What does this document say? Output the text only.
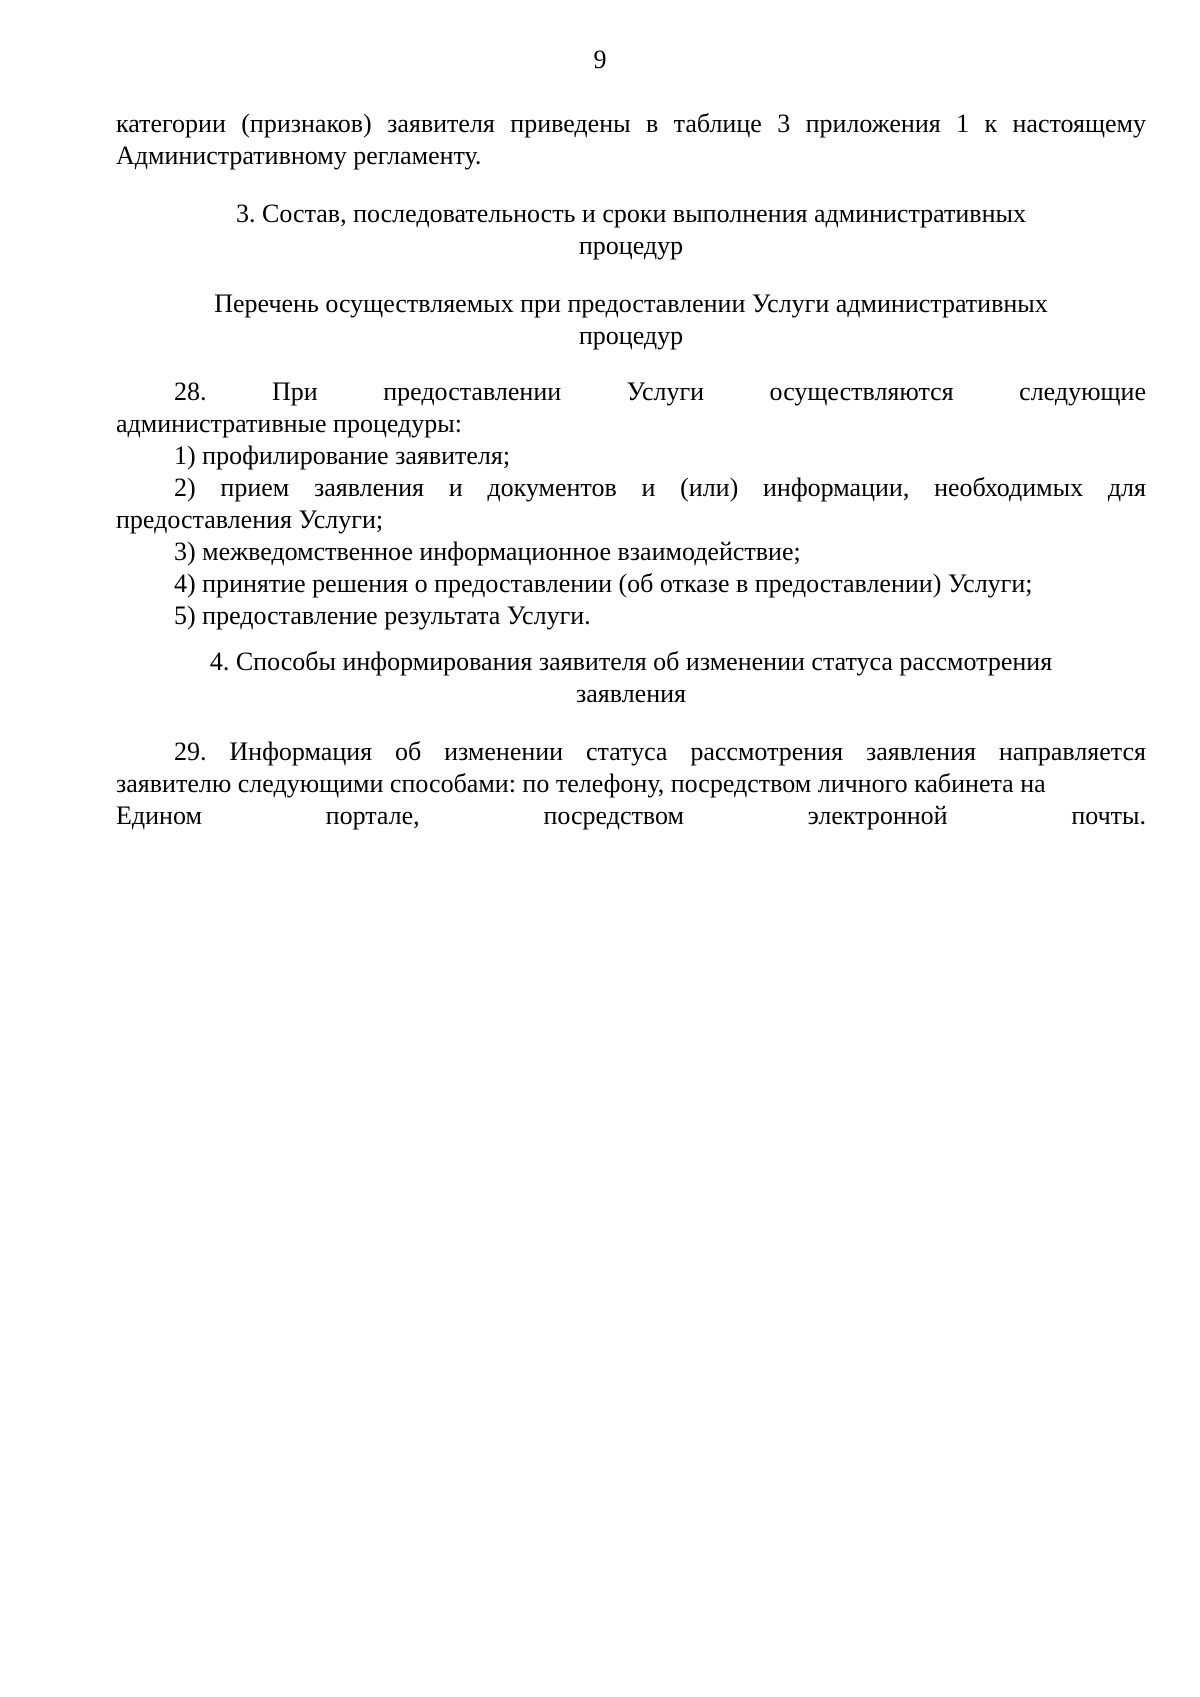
9

категории (признаков) заявителя приведены в таблице 3 приложения 1 к настоящему Административному регламенту.

3. Состав, последовательность и сроки выполнения административных

процедур

Перечень осуществляемых при предоставлении Услуги административных

процедур

28. При предоставлении Услуги осуществляются следующие

административные процедуры:

1) профилирование заявителя;

2) прием заявления и документов и (или) информации, необходимых для предоставления Услуги;

3) межведомственное информационное взаимодействие;

4) принятие решения о предоставлении (об отказе в предоставлении) Услуги;

5) предоставление результата Услуги.

4. Способы информирования заявителя об изменении статуса рассмотрения

заявления

29. Информация об изменении статуса рассмотрения заявления направляется заявителю следующими способами: по телефону, посредством личного кабинета на

Едином портале, посредством электронной почты.
